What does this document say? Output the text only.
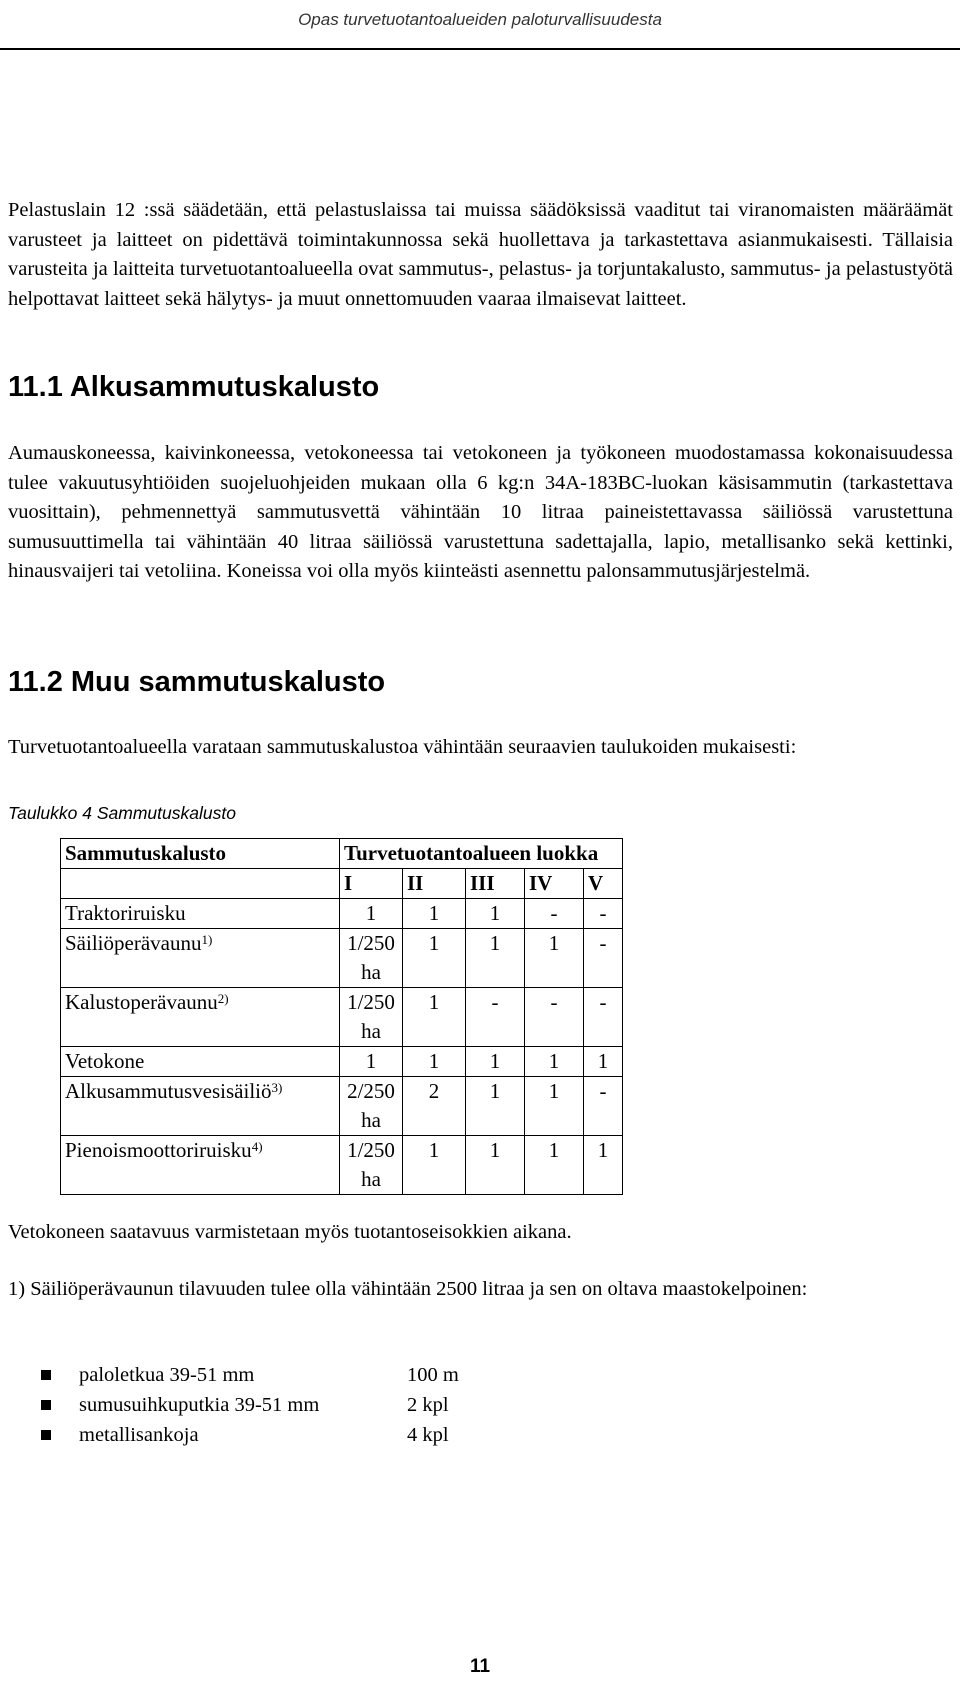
Opas turvetuotantoalueiden paloturvallisuudesta

Pelastuslain 12 :ssä säädetään, että pelastuslaissa tai muissa säädöksissä vaaditut tai viranomaisten määräämät varusteet ja laitteet on pidettävä toimintakunnossa sekä huollettava ja tarkastettava asianmukaisesti. Tällaisia varusteita ja laitteita turvetuotantoalueella ovat sammutus-, pelastus- ja torjuntakalusto, sammutus- ja pelastustyötä helpottavat laitteet sekä hälytys- ja muut onnettomuuden vaaraa ilmaisevat laitteet.

11.1 Alkusammutuskalusto

Aumauskoneessa, kaivinkoneessa, vetokoneessa tai vetokoneen ja työkoneen muodostamassa kokonaisuudessa tulee vakuutusyhtiöiden suojeluohjeiden mukaan olla 6 kg:n 34A-183BC-luokan käsisammutin (tarkastettava vuosittain), pehmennettyä sammutusvettä vähintään 10 litraa paineistettavassa säiliössä varustettuna sumusuuttimella tai vähintään 40 litraa säiliössä varustettuna sadettajalla, lapio, metallisanko sekä kettinki, hinausvaijeri tai vetoliina. Koneissa voi olla myös kiinteästi asennettu palonsammutusjärjestelmä.

11.2 Muu sammutuskalusto

Turvetuotantoalueella varataan sammutuskalustoa vähintään seuraavien taulukoiden mukaisesti:

Taulukko 4 Sammutuskalusto

Sammutuskalusto	Turvetuotantoalueen luokka				
	I	II	III	IV	V
Traktoriruisku	1	1	1	-	-
Säiliöperävaunu$^{1)}$	1/250 ha	1	1	1	-
Kalustoperävaunu$^{2)}$	1/250 ha	1	-	-	-
Vetokone	1	1	1	1	1
Alkusammutusvesisäiliö$^{3)}$	2/250 ha	2	1	1	-
Pienoismoottoriruisku$^{4)}$	1/250 ha	1	1	1	1

Vetokoneen saatavuus varmistetaan myös tuotantoseisokkien aikana.

1) Säiliöperävaunun tilavuuden tulee olla vähintään 2500 litraa ja sen on oltava maastokelpoinen:

paloletkua 39-51 mm	100 m
sumusuihkuputkia 39-51 mm	2 kpl
metallisankoja	4 kpl
11
